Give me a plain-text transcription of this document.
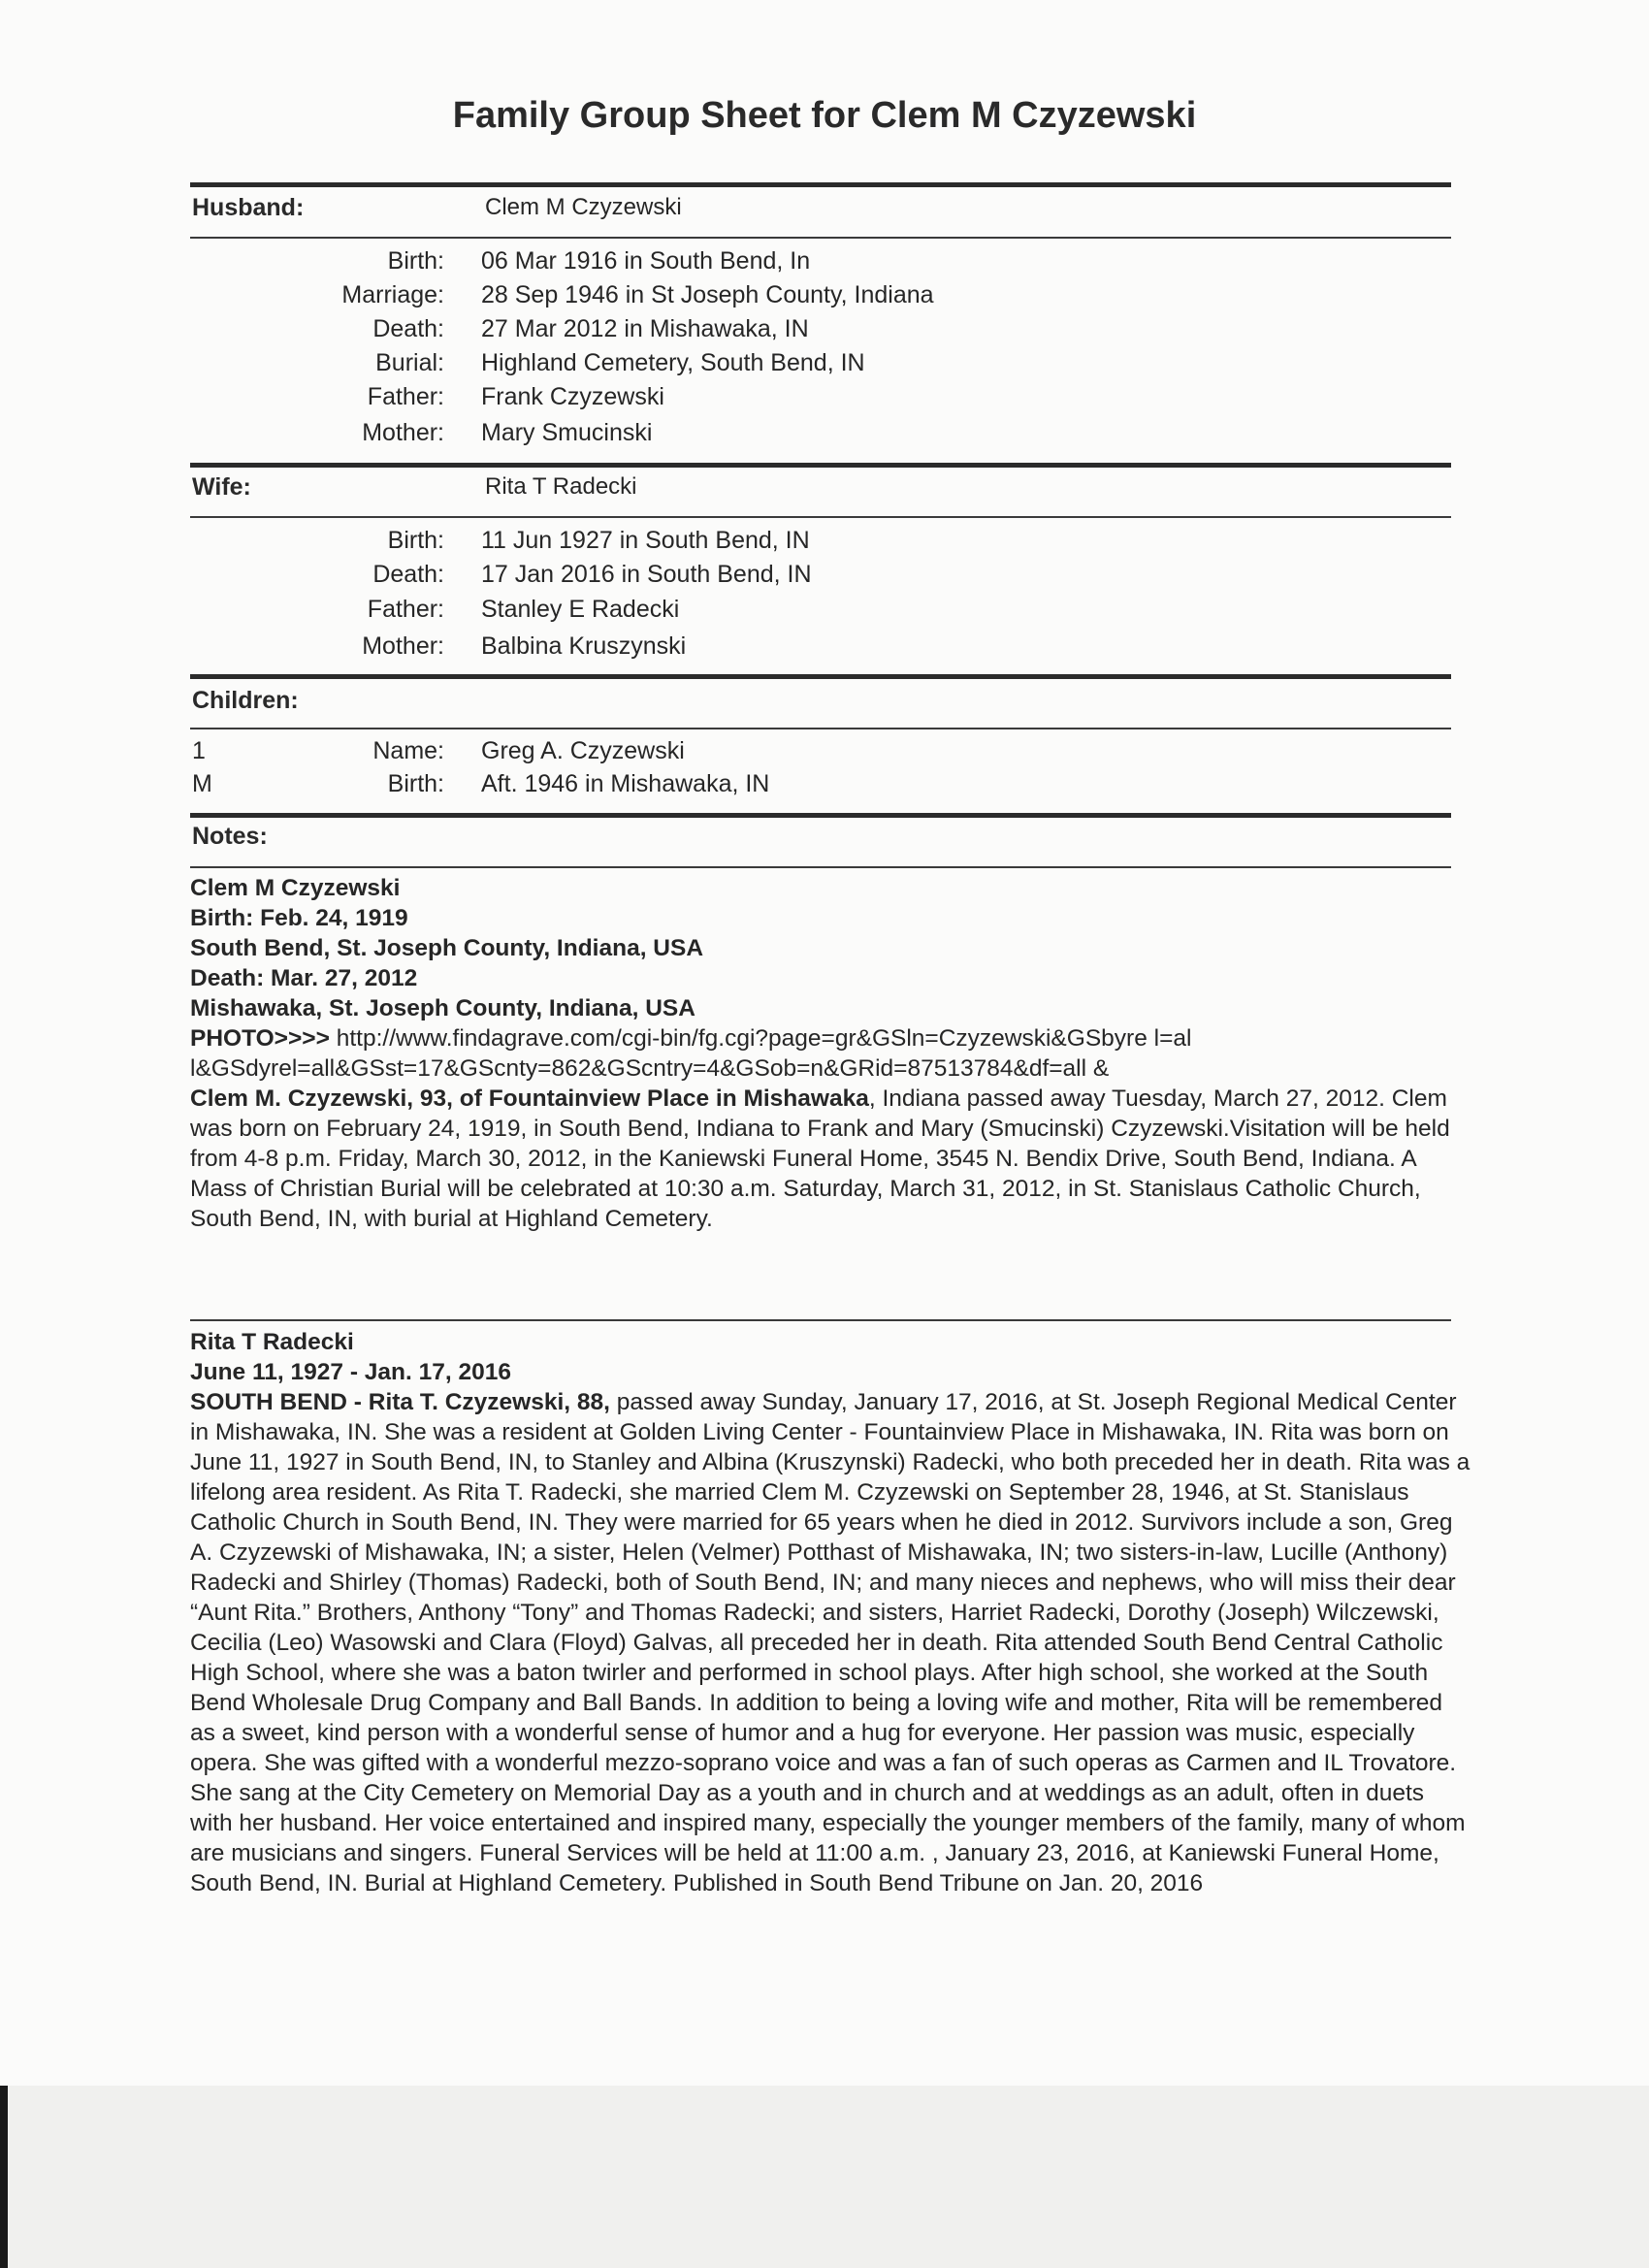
Family Group Sheet for Clem M Czyzewski
Husband:	Clem M Czyzewski
Birth: 06 Mar 1916 in South Bend, In
Marriage: 28 Sep 1946 in St Joseph County, Indiana
Death: 27 Mar 2012 in Mishawaka, IN
Burial: Highland Cemetery, South Bend, IN
Father: Frank Czyzewski
Mother: Mary Smucinski
Wife:	Rita T Radecki
Birth: 11 Jun 1927 in South Bend, IN
Death: 17 Jan 2016 in South Bend, IN
Father: Stanley E Radecki
Mother: Balbina Kruszynski
Children:
1
M
Name: Greg A. Czyzewski
Birth: Aft. 1946 in Mishawaka, IN
Notes:

Clem M Czyzewski

Birth: Feb. 24, 1919

South Bend, St. Joseph County, Indiana, USA

Death: Mar. 27, 2012

Mishawaka, St. Joseph County, Indiana, USA

PHOTO>>>> http://www.findagrave.com/cgi-bin/fg.cgi?page=gr&GSln=Czyzewski&GSbyre l=al

l&GSdyrel=all&GSst=17&GScnty=862&GScntry=4&GSob=n&GRid=87513784&df=all &

Clem M. Czyzewski, 93, of Fountainview Place in Mishawaka, Indiana passed away Tuesday, March 27, 2012. Clem was born on February 24, 1919, in South Bend, Indiana to Frank and Mary (Smucinski) Czyzewski.Visitation will be held from 4-8 p.m. Friday, March 30, 2012, in the Kaniewski Funeral Home, 3545 N. Bendix Drive, South Bend, Indiana. A Mass of Christian Burial will be celebrated at 10:30 a.m. Saturday, March 31, 2012, in St. Stanislaus Catholic Church, South Bend, IN, with burial at Highland Cemetery.

Rita T Radecki

June 11, 1927 - Jan. 17, 2016

SOUTH BEND - Rita T. Czyzewski, 88, passed away Sunday, January 17, 2016, at St. Joseph Regional Medical Center in Mishawaka, IN. She was a resident at Golden Living Center - Fountainview Place in Mishawaka, IN. Rita was born on June 11, 1927 in South Bend, IN, to Stanley and Albina (Kruszynski) Radecki, who both preceded her in death. Rita was a lifelong area resident. As Rita T. Radecki, she married Clem M. Czyzewski on September 28, 1946, at St. Stanislaus Catholic Church in South Bend, IN. They were married for 65 years when he died in 2012. Survivors include a son, Greg A. Czyzewski of Mishawaka, IN; a sister, Helen (Velmer) Potthast of Mishawaka, IN; two sisters-in-law, Lucille (Anthony) Radecki and Shirley (Thomas) Radecki, both of South Bend, IN; and many nieces and nephews, who will miss their dear “Aunt Rita.” Brothers, Anthony “Tony” and Thomas Radecki; and sisters, Harriet Radecki, Dorothy (Joseph) Wilczewski, Cecilia (Leo) Wasowski and Clara (Floyd) Galvas, all preceded her in death. Rita attended South Bend Central Catholic High School, where she was a baton twirler and performed in school plays. After high school, she worked at the South Bend Wholesale Drug Company and Ball Bands. In addition to being a loving wife and mother, Rita will be remembered as a sweet, kind person with a wonderful sense of humor and a hug for everyone. Her passion was music, especially opera. She was gifted with a wonderful mezzo-soprano voice and was a fan of such operas as Carmen and IL Trovatore. She sang at the City Cemetery on Memorial Day as a youth and in church and at weddings as an adult, often in duets with her husband. Her voice entertained and inspired many, especially the younger members of the family, many of whom are musicians and singers. Funeral Services will be held at 11:00 a.m. , January 23, 2016, at Kaniewski Funeral Home, South Bend, IN. Burial at Highland Cemetery. Published in South Bend Tribune on Jan. 20, 2016
